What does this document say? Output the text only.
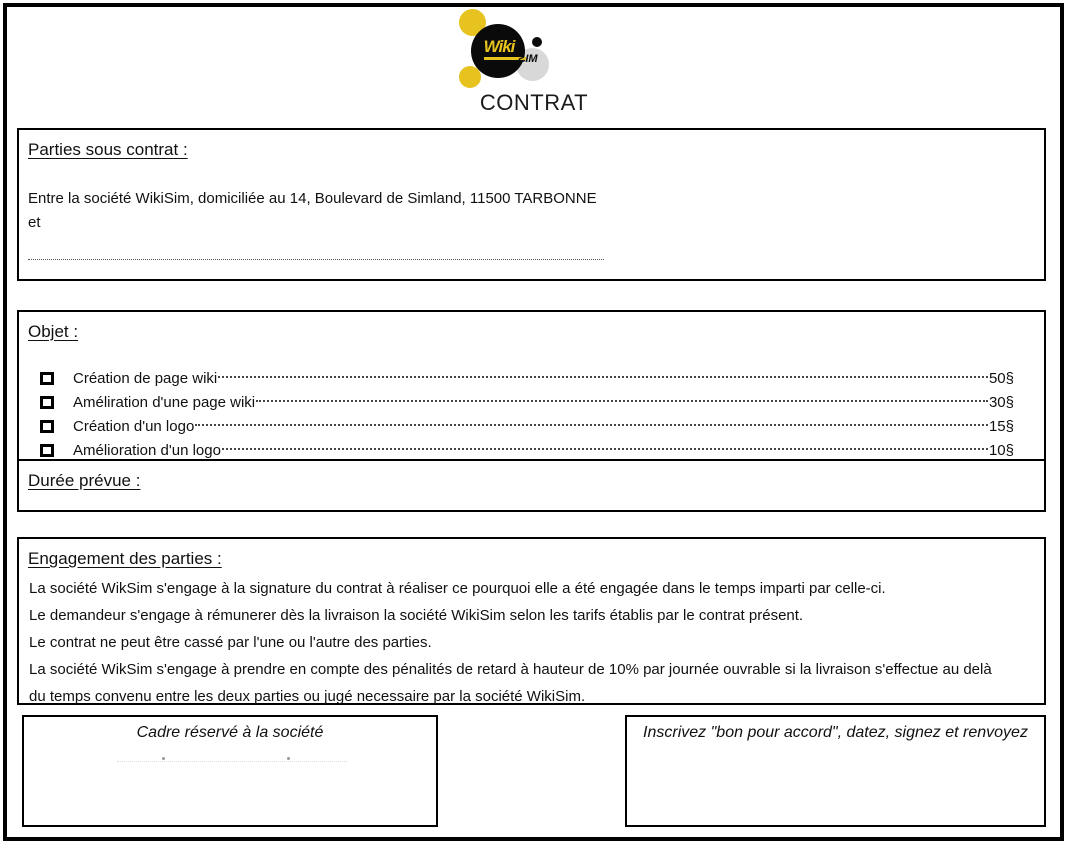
Wiki
SIM
CONTRAT
Parties sous contrat :
Entre la société WikiSim, domiciliée au 14, Boulevard de Simland, 11500 TARBONNE
et
Objet :
Création de page wiki	50§
Améliration d'une page wiki	30§
Création d'un logo	15§
Amélioration d'un logo	10§
Durée prévue :
Engagement des parties :
La société WikSim s'engage à la signature du contrat à réaliser ce pourquoi elle a été engagée dans le temps imparti par celle-ci.
Le demandeur s'engage à rémunerer dès la livraison la société WikiSim selon les tarifs établis par le contrat présent.
Le contrat ne peut être cassé par l'une ou l'autre des parties.
La société WikSim s'engage à prendre en compte des pénalités de retard à hauteur de 10% par journée ouvrable si la livraison s'effectue au delà
du temps convenu entre les deux parties ou jugé necessaire par la société WikiSim.
Cadre réservé à la société	Inscrivez "bon pour accord", datez, signez et renvoyez
